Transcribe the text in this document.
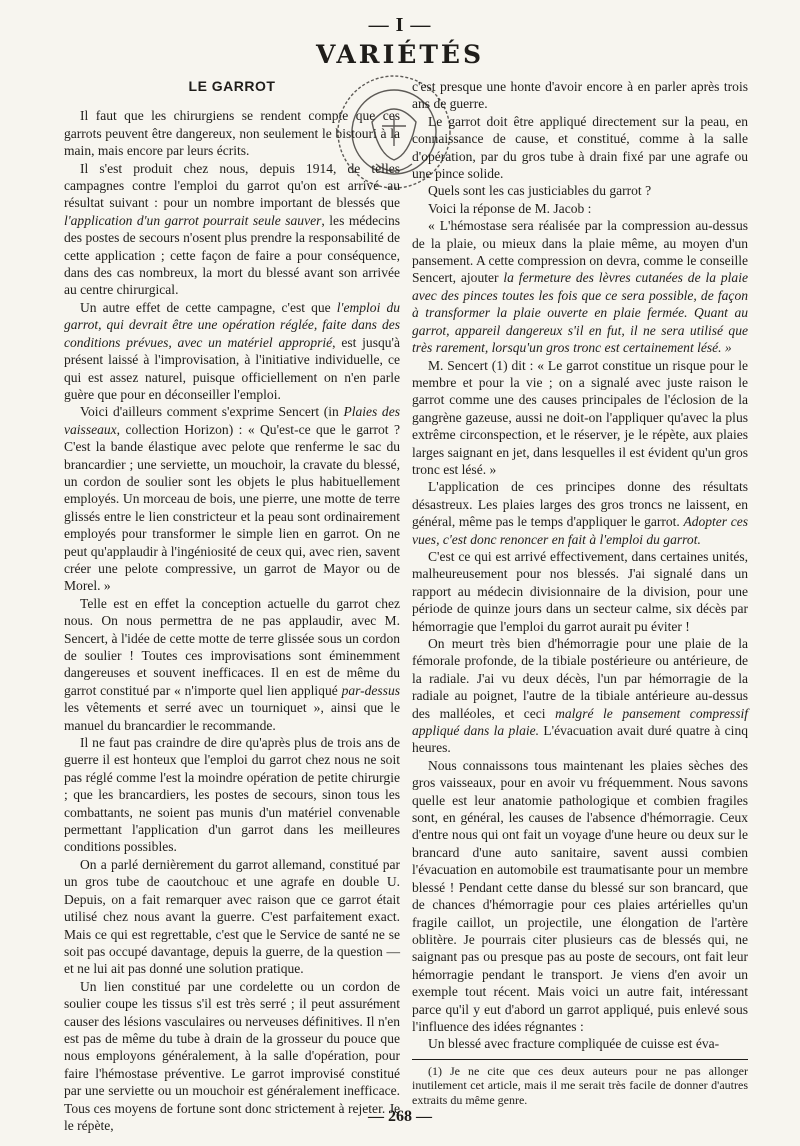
— I —
VARIÉTÉS
LE GARROT

Il faut que les chirurgiens se rendent compte que ces garrots peuvent être dangereux, non seulement le bistouri à la main, mais encore par leurs écrits.

Il s'est produit chez nous, depuis 1914, de telles campagnes contre l'emploi du garrot qu'on est arrivé au résultat suivant : pour un nombre important de blessés que l'application d'un garrot pourrait seule sauver, les médecins des postes de secours n'osent plus prendre la responsabilité de cette application ; cette façon de faire a pour conséquence, dans des cas nombreux, la mort du blessé avant son arrivée au centre chirurgical.

Un autre effet de cette campagne, c'est que l'emploi du garrot, qui devrait être une opération réglée, faite dans des conditions prévues, avec un matériel approprié, est jusqu'à présent laissé à l'improvisation, à l'initiative individuelle, ce qui est assez naturel, puisque officiellement on n'en parle guère que pour en déconseiller l'emploi.

Voici d'ailleurs comment s'exprime Sencert (in Plaies des vaisseaux, collection Horizon) : « Qu'est-ce que le garrot ? C'est la bande élastique avec pelote que renferme le sac du brancardier ; une serviette, un mouchoir, la cravate du blessé, un cordon de soulier sont les objets le plus habituellement employés. Un morceau de bois, une pierre, une motte de terre glissés entre le lien constricteur et la peau sont ordinairement employés pour transformer le simple lien en garrot. On ne peut qu'applaudir à l'ingéniosité de ceux qui, avec rien, savent créer une pelote compressive, un garrot de Mayor ou de Morel. »

Telle est en effet la conception actuelle du garrot chez nous. On nous permettra de ne pas applaudir, avec M. Sencert, à l'idée de cette motte de terre glissée sous un cordon de soulier ! Toutes ces improvisations sont éminemment dangereuses et souvent inefficaces. Il en est de même du garrot constitué par « n'importe quel lien appliqué par-dessus les vêtements et serré avec un tourniquet », ainsi que le manuel du brancardier le recommande.

Il ne faut pas craindre de dire qu'après plus de trois ans de guerre il est honteux que l'emploi du garrot chez nous ne soit pas réglé comme l'est la moindre opération de petite chirurgie ; que les brancardiers, les postes de secours, sinon tous les combattants, ne soient pas munis d'un matériel convenable permettant l'application d'un garrot dans les meilleures conditions possibles.

On a parlé dernièrement du garrot allemand, constitué par un gros tube de caoutchouc et une agrafe en double U. Depuis, on a fait remarquer avec raison que ce garrot était utilisé chez nous avant la guerre. C'est parfaitement exact. Mais ce qui est regrettable, c'est que le Service de santé ne se soit pas occupé davantage, depuis la guerre, de la question — et ne lui ait pas donné une solution pratique.

Un lien constitué par une cordelette ou un cordon de soulier coupe les tissus s'il est très serré ; il peut assurément causer des lésions vasculaires ou nerveuses définitives. Il n'en est pas de même du tube à drain de la grosseur du pouce que nous employons généralement, à la salle d'opération, pour faire l'hémostase préventive. Le garrot improvisé constitué par une serviette ou un mouchoir est généralement inefficace. Tous ces moyens de fortune sont donc strictement à rejeter. Je le répète,

c'est presque une honte d'avoir encore à en parler après trois ans de guerre.

Le garrot doit être appliqué directement sur la peau, en connaissance de cause, et constitué, comme à la salle d'opération, par du gros tube à drain fixé par une agrafe ou une pince solide.

Quels sont les cas justiciables du garrot ?

Voici la réponse de M. Jacob :

« L'hémostase sera réalisée par la compression au-dessus de la plaie, ou mieux dans la plaie même, au moyen d'un pansement. A cette compression on devra, comme le conseille Sencert, ajouter la fermeture des lèvres cutanées de la plaie avec des pinces toutes les fois que ce sera possible, de façon à transformer la plaie ouverte en plaie fermée. Quant au garrot, appareil dangereux s'il en fut, il ne sera utilisé que très rarement, lorsqu'un gros tronc est certainement lésé. »

M. Sencert (1) dit : « Le garrot constitue un risque pour le membre et pour la vie ; on a signalé avec juste raison le garrot comme une des causes principales de l'éclosion de la gangrène gazeuse, aussi ne doit-on l'appliquer qu'avec la plus extrême circonspection, et le réserver, je le répète, aux plaies larges saignant en jet, dans lesquelles il est évident qu'un gros tronc est lésé. »

L'application de ces principes donne des résultats désastreux. Les plaies larges des gros troncs ne laissent, en général, même pas le temps d'appliquer le garrot. Adopter ces vues, c'est donc renoncer en fait à l'emploi du garrot.

C'est ce qui est arrivé effectivement, dans certaines unités, malheureusement pour nos blessés. J'ai signalé dans un rapport au médecin divisionnaire de la division, pour une période de quinze jours dans un secteur calme, six décès par hémorragie que l'emploi du garrot aurait pu éviter !

On meurt très bien d'hémorragie pour une plaie de la fémorale profonde, de la tibiale postérieure ou antérieure, de la radiale. J'ai vu deux décès, l'un par hémorragie de la radiale au poignet, l'autre de la tibiale antérieure au-dessus des malléoles, et ceci malgré le pansement compressif appliqué dans la plaie. L'évacuation avait duré quatre à cinq heures.

Nous connaissons tous maintenant les plaies sèches des gros vaisseaux, pour en avoir vu fréquemment. Nous savons quelle est leur anatomie pathologique et combien fragiles sont, en général, les causes de l'absence d'hémorragie. Ceux d'entre nous qui ont fait un voyage d'une heure ou deux sur le brancard d'une auto sanitaire, savent aussi combien l'évacuation en automobile est traumatisante pour un membre blessé ! Pendant cette danse du blessé sur son brancard, que de chances d'hémorragie pour ces plaies artérielles qu'un fragile caillot, un projectile, une élongation de l'artère oblitère. Je pourrais citer plusieurs cas de blessés qui, ne saignant pas ou presque pas au poste de secours, ont fait leur hémorragie pendant le transport. Je viens d'en avoir un exemple tout récent. Mais voici un autre fait, intéressant parce qu'il y eut d'abord un garrot appliqué, puis enlevé sous l'influence des idées régnantes :

Un blessé avec fracture compliquée de cuisse est éva-

(1) Je ne cite que ces deux auteurs pour ne pas allonger inutilement cet article, mais il me serait très facile de donner d'autres extraits du même genre.

— 268 —
